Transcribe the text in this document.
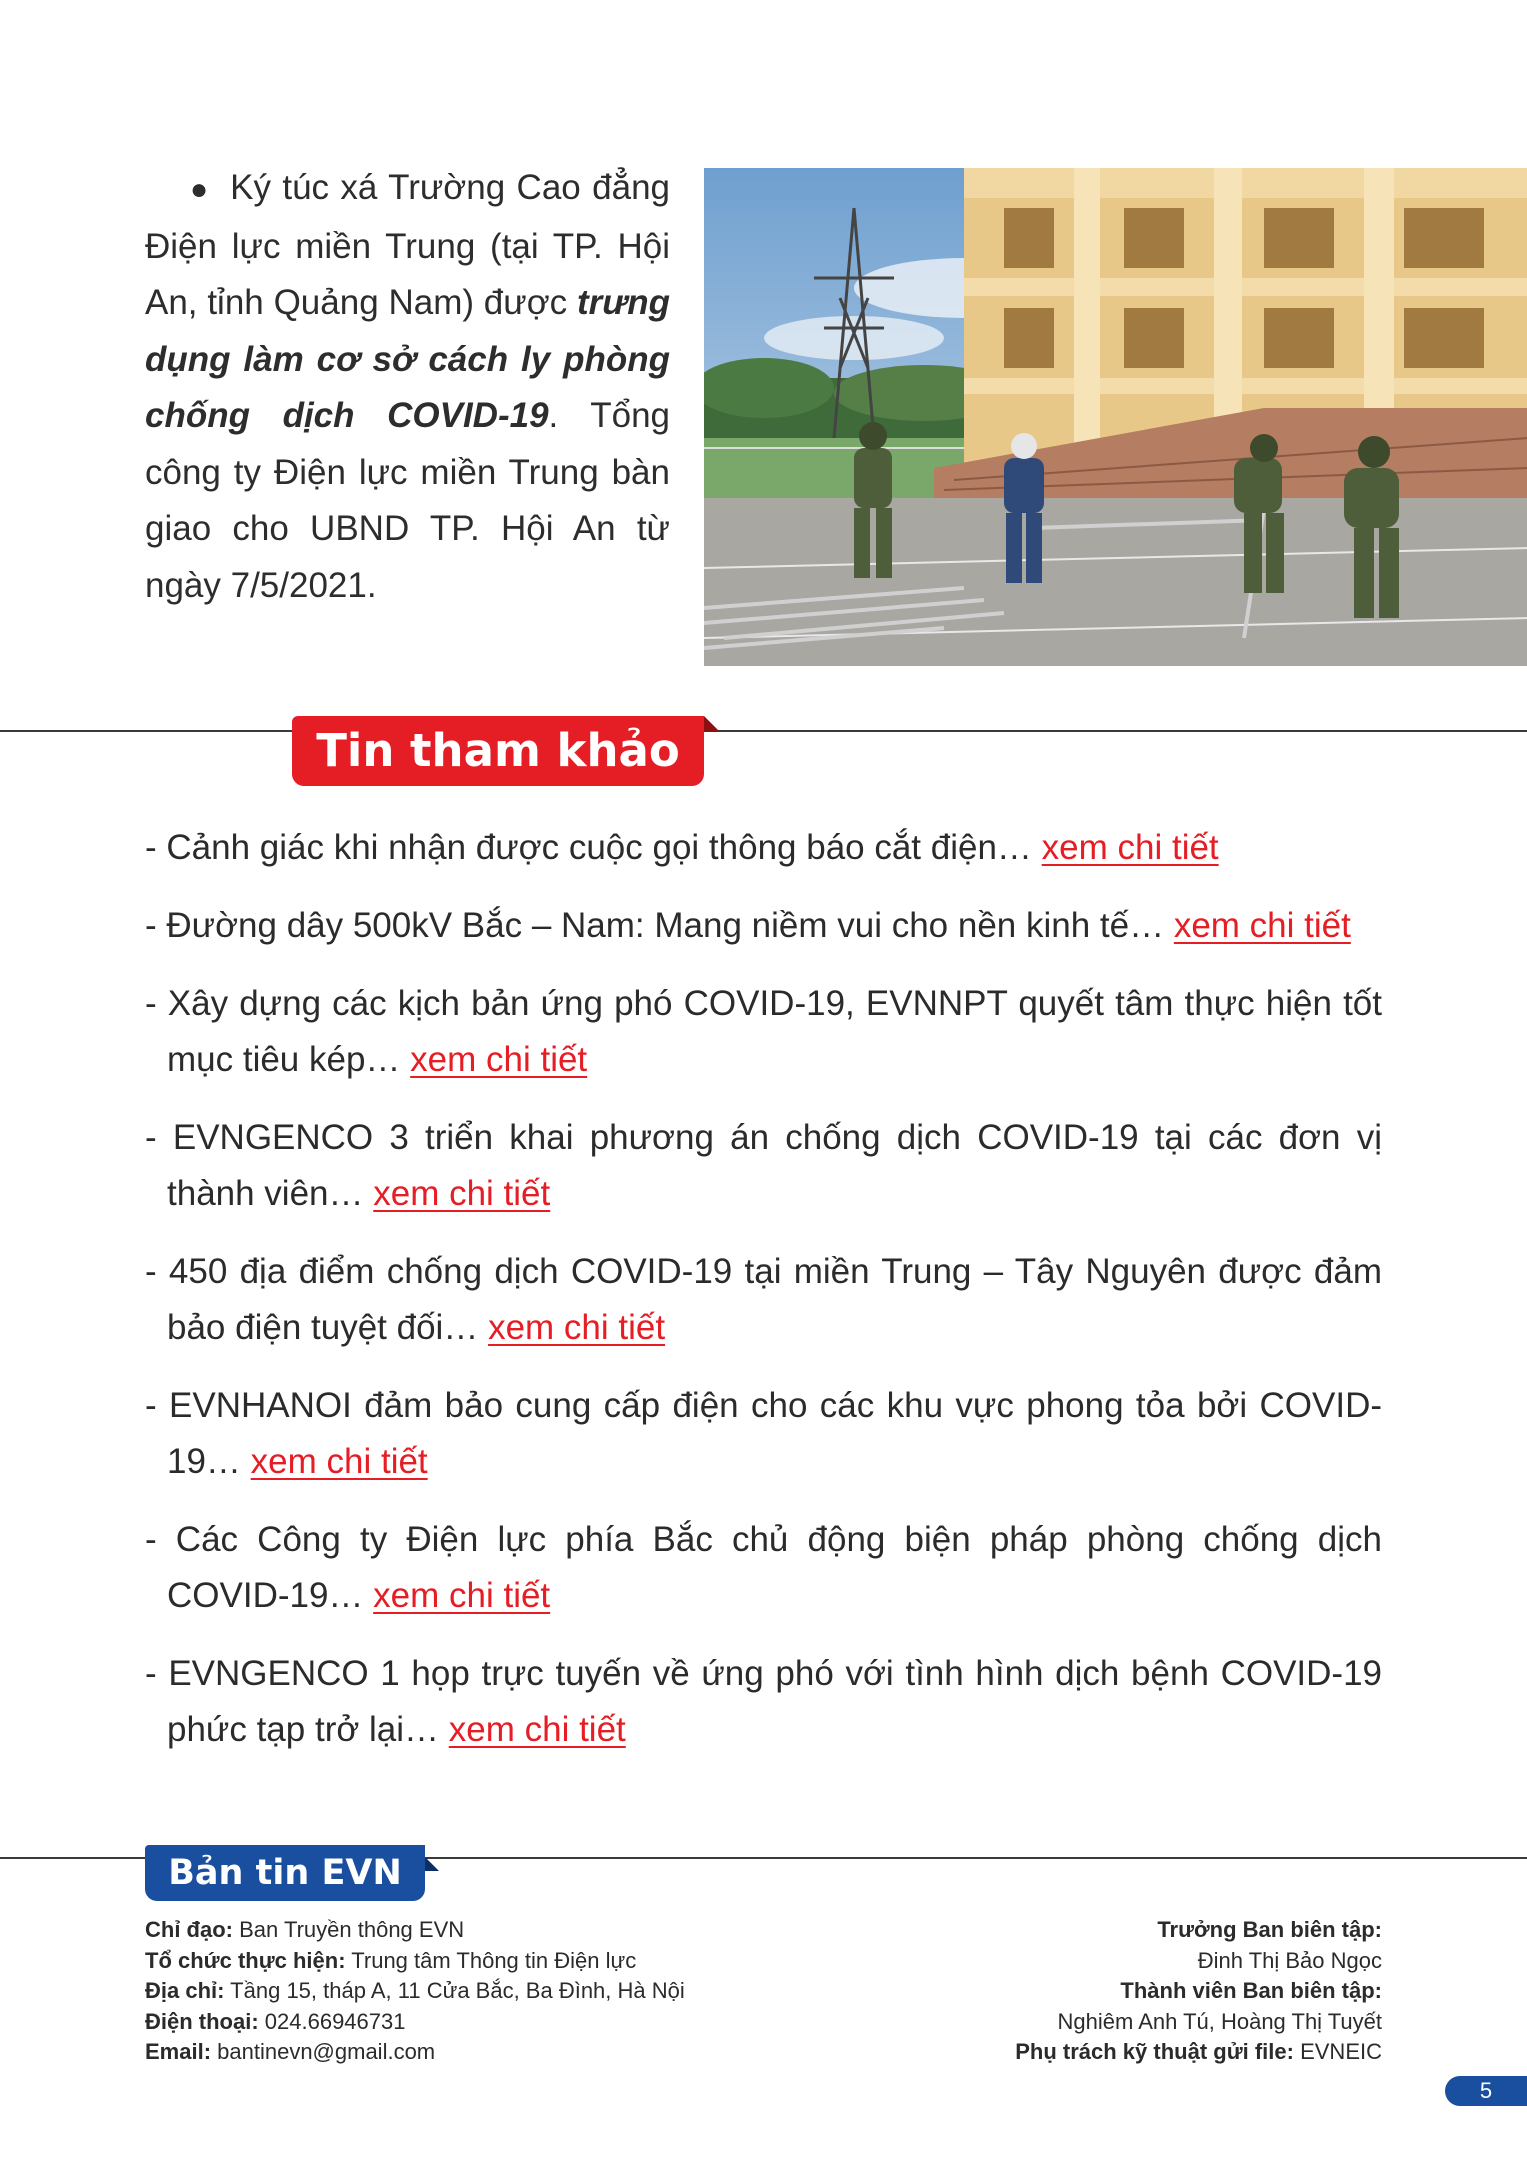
● Ký túc xá Trường Cao đẳng Điện lực miền Trung (tại TP. Hội An, tỉnh Quảng Nam) được trưng dụng làm cơ sở cách ly phòng chống dịch COVID-19. Tổng công ty Điện lực miền Trung bàn giao cho UBND TP. Hội An từ ngày 7/5/2021.
Tin tham khảo
- Cảnh giác khi nhận được cuộc gọi thông báo cắt điện… xem chi tiết
- Đường dây 500kV Bắc – Nam: Mang niềm vui cho nền kinh tế… xem chi tiết
- Xây dựng các kịch bản ứng phó COVID-19, EVNNPT quyết tâm thực hiện tốt mục tiêu kép… xem chi tiết
- EVNGENCO 3 triển khai phương án chống dịch COVID-19 tại các đơn vị thành viên… xem chi tiết
- 450 địa điểm chống dịch COVID-19 tại miền Trung – Tây Nguyên được đảm bảo điện tuyệt đối… xem chi tiết
- EVNHANOI đảm bảo cung cấp điện cho các khu vực phong tỏa bởi COVID-19… xem chi tiết
- Các Công ty Điện lực phía Bắc chủ động biện pháp phòng chống dịch COVID-19… xem chi tiết
- EVNGENCO 1 họp trực tuyến về ứng phó với tình hình dịch bệnh COVID-19 phức tạp trở lại… xem chi tiết
Bản tin EVN
Chỉ đạo: Ban Truyền thông EVN
Tổ chức thực hiện: Trung tâm Thông tin Điện lực
Địa chỉ: Tầng 15, tháp A, 11 Cửa Bắc, Ba Đình, Hà Nội
Điện thoại: 024.66946731
Email: bantinevn@gmail.com
Trưởng Ban biên tập:
Đinh Thị Bảo Ngọc
Thành viên Ban biên tập:
Nghiêm Anh Tú, Hoàng Thị Tuyết
Phụ trách kỹ thuật gửi file: EVNEIC
5
